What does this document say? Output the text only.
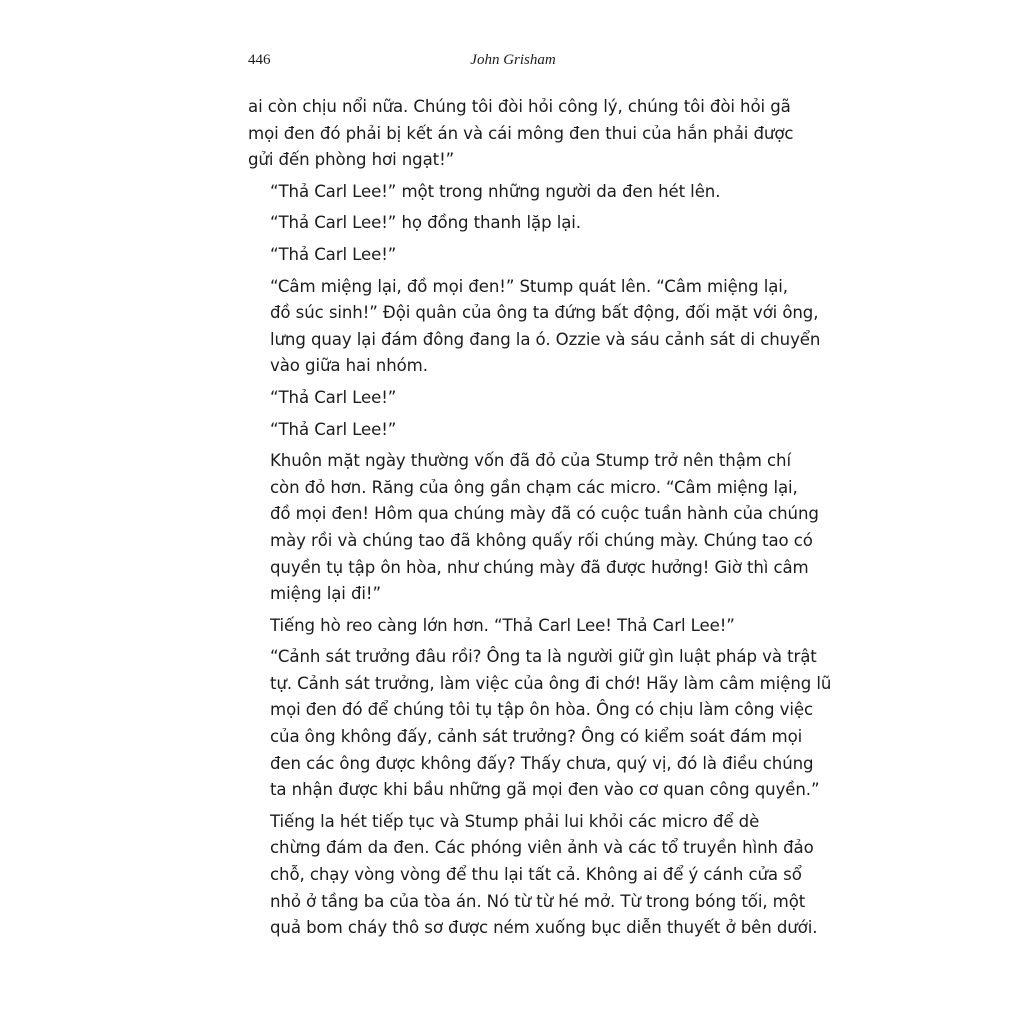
446	John Grisham

ai còn chịu nổi nữa. Chúng tôi đòi hỏi công lý, chúng tôi đòi hỏi gã
mọi đen đó phải bị kết án và cái mông đen thui của hắn phải được
gửi đến phòng hơi ngạt!”

“Thả Carl Lee!” một trong những người da đen hét lên.

“Thả Carl Lee!” họ đồng thanh lặp lại.

“Thả Carl Lee!”

“Câm miệng lại, đồ mọi đen!” Stump quát lên. “Câm miệng lại,
đồ súc sinh!” Đội quân của ông ta đứng bất động, đối mặt với ông,
lưng quay lại đám đông đang la ó. Ozzie và sáu cảnh sát di chuyển
vào giữa hai nhóm.

“Thả Carl Lee!”

“Thả Carl Lee!”

Khuôn mặt ngày thường vốn đã đỏ của Stump trở nên thậm chí
còn đỏ hơn. Răng của ông gần chạm các micro. “Câm miệng lại,
đồ mọi đen! Hôm qua chúng mày đã có cuộc tuần hành của chúng
mày rồi và chúng tao đã không quấy rối chúng mày. Chúng tao có
quyền tụ tập ôn hòa, như chúng mày đã được hưởng! Giờ thì câm
miệng lại đi!”

Tiếng hò reo càng lớn hơn. “Thả Carl Lee! Thả Carl Lee!”

“Cảnh sát trưởng đâu rồi? Ông ta là người giữ gìn luật pháp và trật
tự. Cảnh sát trưởng, làm việc của ông đi chớ! Hãy làm câm miệng lũ
mọi đen đó để chúng tôi tụ tập ôn hòa. Ông có chịu làm công việc
của ông không đấy, cảnh sát trưởng? Ông có kiểm soát đám mọi
đen các ông được không đấy? Thấy chưa, quý vị, đó là điều chúng
ta nhận được khi bầu những gã mọi đen vào cơ quan công quyền.”

Tiếng la hét tiếp tục và Stump phải lui khỏi các micro để dè
chừng đám da đen. Các phóng viên ảnh và các tổ truyền hình đảo
chỗ, chạy vòng vòng để thu lại tất cả. Không ai để ý cánh cửa sổ
nhỏ ở tầng ba của tòa án. Nó từ từ hé mở. Từ trong bóng tối, một
quả bom cháy thô sơ được ném xuống bục diễn thuyết ở bên dưới.
